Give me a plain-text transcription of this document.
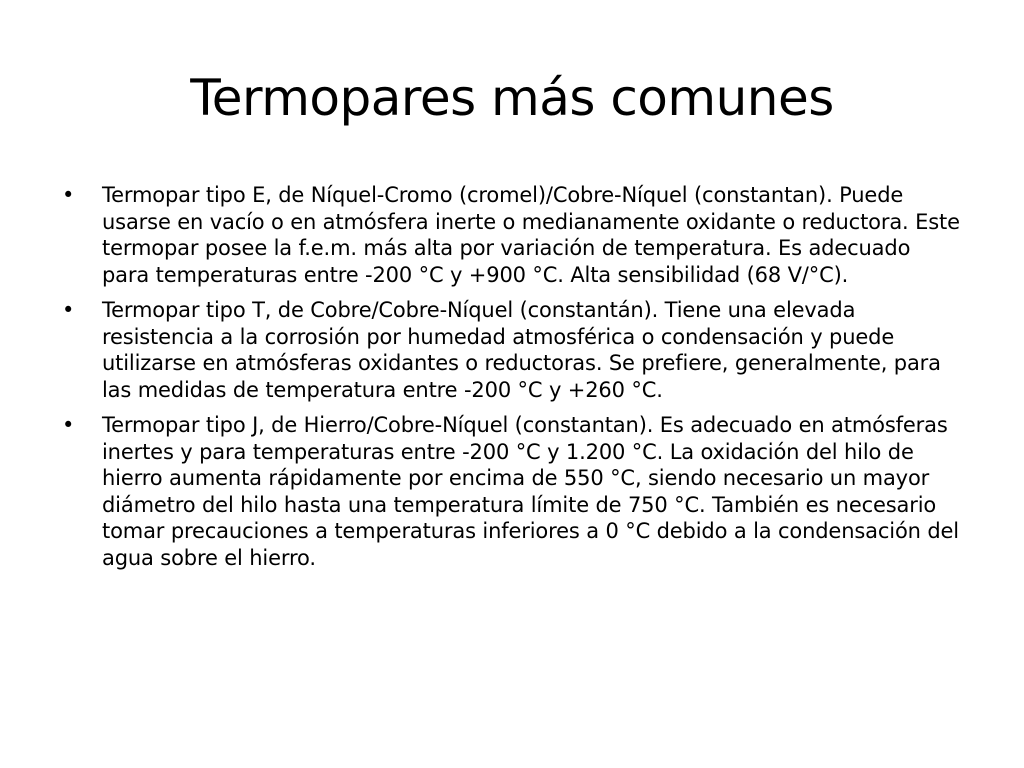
Termopares más comunes
•	Termopar tipo E, de Níquel-Cromo (cromel)/Cobre-Níquel (constantan). Puede usarse en vacío o en atmósfera inerte o medianamente oxidante o reductora. Este termopar posee la f.e.m. más alta por variación de temperatura. Es adecuado para temperaturas entre -200 °C y +900 °C. Alta sensibilidad (68 V/°C).
•	Termopar tipo T, de Cobre/Cobre-Níquel (constantán). Tiene una elevada resistencia a la corrosión por humedad atmosférica o condensación y puede utilizarse en atmósferas oxidantes o reductoras. Se prefiere, generalmente, para las medidas de temperatura entre -200 °C y +260 °C.
•	Termopar tipo J, de Hierro/Cobre-Níquel (constantan). Es adecuado en atmósferas inertes y para temperaturas entre -200 °C y 1.200 °C. La oxidación del hilo de hierro aumenta rápidamente por encima de 550 °C, siendo necesario un mayor diámetro del hilo hasta una temperatura límite de 750 °C. También es necesario tomar precauciones a temperaturas inferiores a 0 °C debido a la condensación del agua sobre el hierro.
